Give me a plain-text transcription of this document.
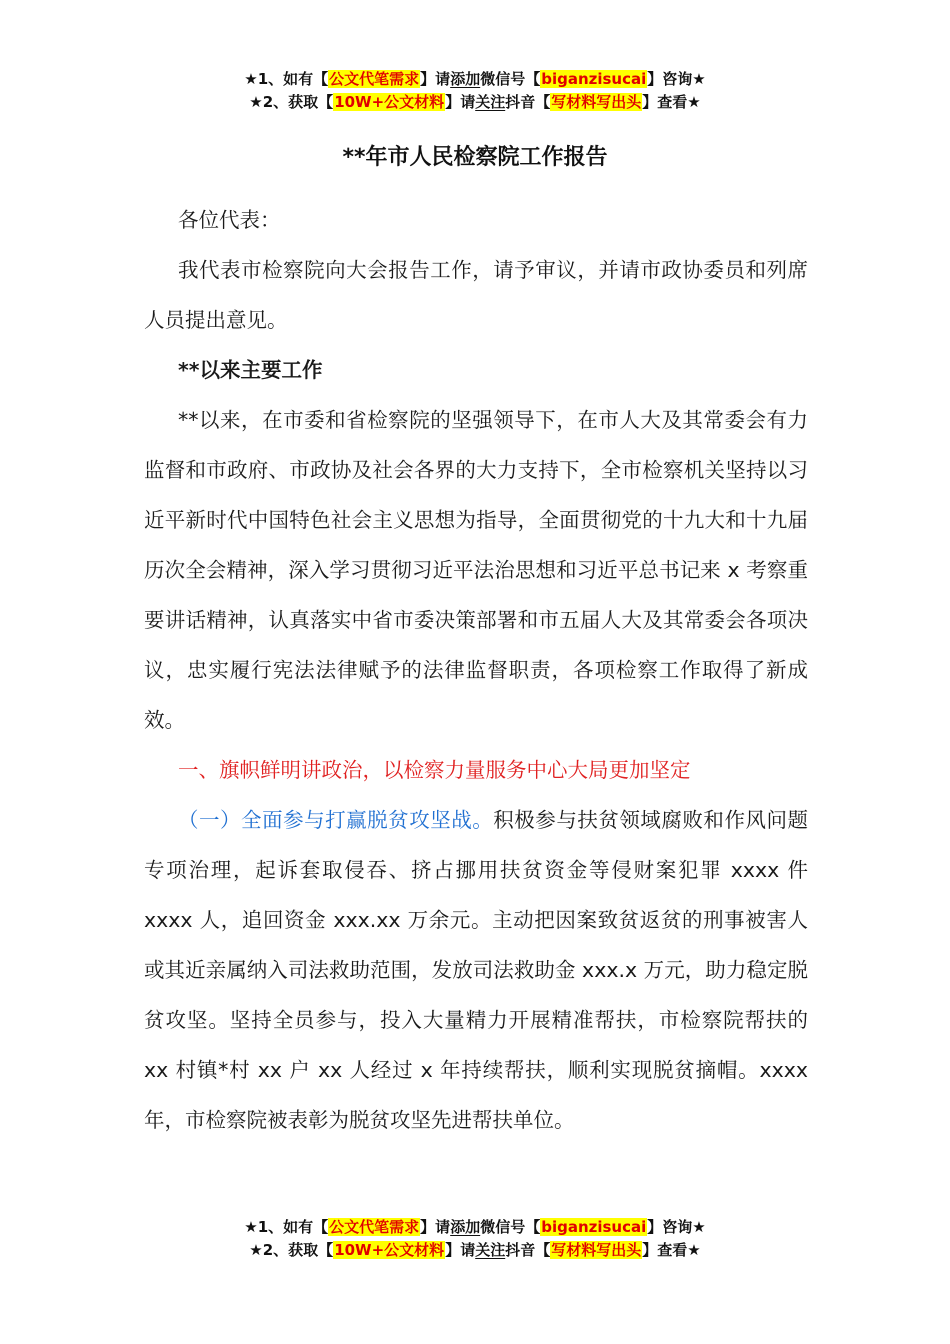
★1、如有【公文代笔需求】请添加微信号【biganzisucai】咨询★
★2、获取【10W+公文材料】请关注抖音【写材料写出头】查看★
**年市人民检察院工作报告

各位代表：

我代表市检察院向大会报告工作，请予审议，并请市政协委员和列席人员提出意见。

**以来主要工作

**以来，在市委和省检察院的坚强领导下，在市人大及其常委会有力监督和市政府、市政协及社会各界的大力支持下，全市检察机关坚持以习近平新时代中国特色社会主义思想为指导，全面贯彻党的十九大和十九届历次全会精神，深入学习贯彻习近平法治思想和习近平总书记来 x 考察重要讲话精神，认真落实中省市委决策部署和市五届人大及其常委会各项决议，忠实履行宪法法律赋予的法律监督职责，各项检察工作取得了新成效。

一、旗帜鲜明讲政治，以检察力量服务中心大局更加坚定

（一）全面参与打赢脱贫攻坚战。积极参与扶贫领域腐败和作风问题专项治理，起诉套取侵吞、挤占挪用扶贫资金等侵财案犯罪 xxxx 件 xxxx 人，追回资金 xxx.xx 万余元。主动把因案致贫返贫的刑事被害人或其近亲属纳入司法救助范围，发放司法救助金 xxx.x 万元，助力稳定脱贫攻坚。坚持全员参与，投入大量精力开展精准帮扶，市检察院帮扶的 xx 村镇*村 xx 户 xx 人经过 x 年持续帮扶，顺利实现脱贫摘帽。xxxx 年，市检察院被表彰为脱贫攻坚先进帮扶单位。

★1、如有【公文代笔需求】请添加微信号【biganzisucai】咨询★
★2、获取【10W+公文材料】请关注抖音【写材料写出头】查看★
